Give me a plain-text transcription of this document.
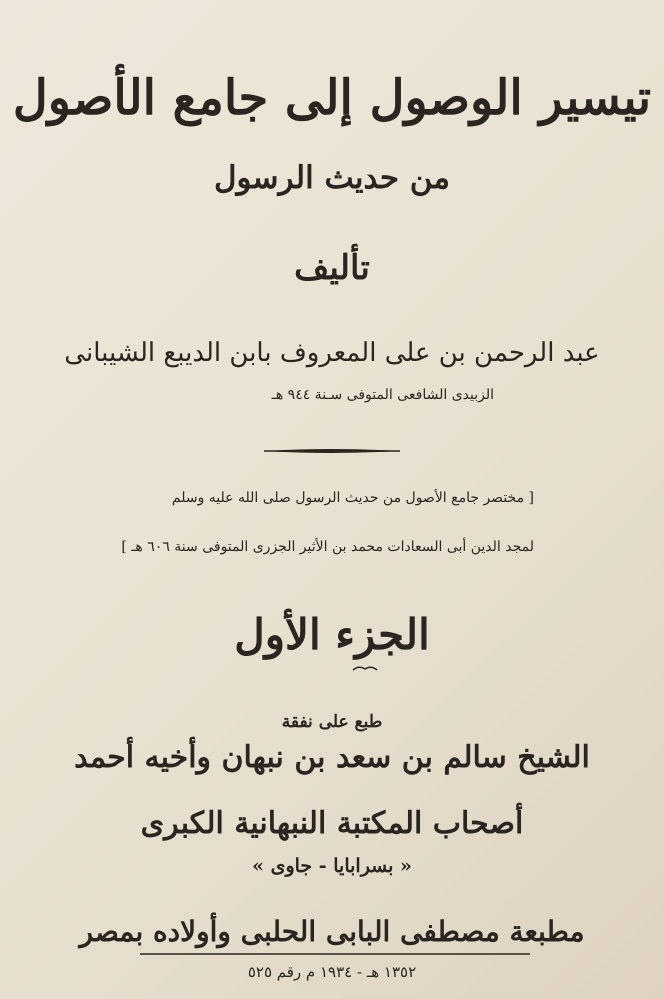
تيسير الوصول إلى جامع الأصول
من حديث الرسول
تأليف
عبد الرحمن بن على المعروف بابن الديبع الشيبانى
الزبيدى الشافعى المتوفى سـنة ٩٤٤ هـ
[ مختصر جامع الأصول من حديث الرسول صلى الله عليه وسلم
لمجد الدين أبى السعادات محمد بن الأثير الجزرى المتوفى سنة ٦٠٦ هـ ]
الجزء الأول
طبع على نفقة
الشيخ سالم بن سعد بن نبهان وأخيه أحمد
أصحاب المكتبة النبهانية الكبرى
« بسرابايا - جاوى »
مطبعة مصطفى البابى الحلبى وأولاده بمصر
١٣٥٢ هـ - ١٩٣٤ م رقم ٥٢٥
